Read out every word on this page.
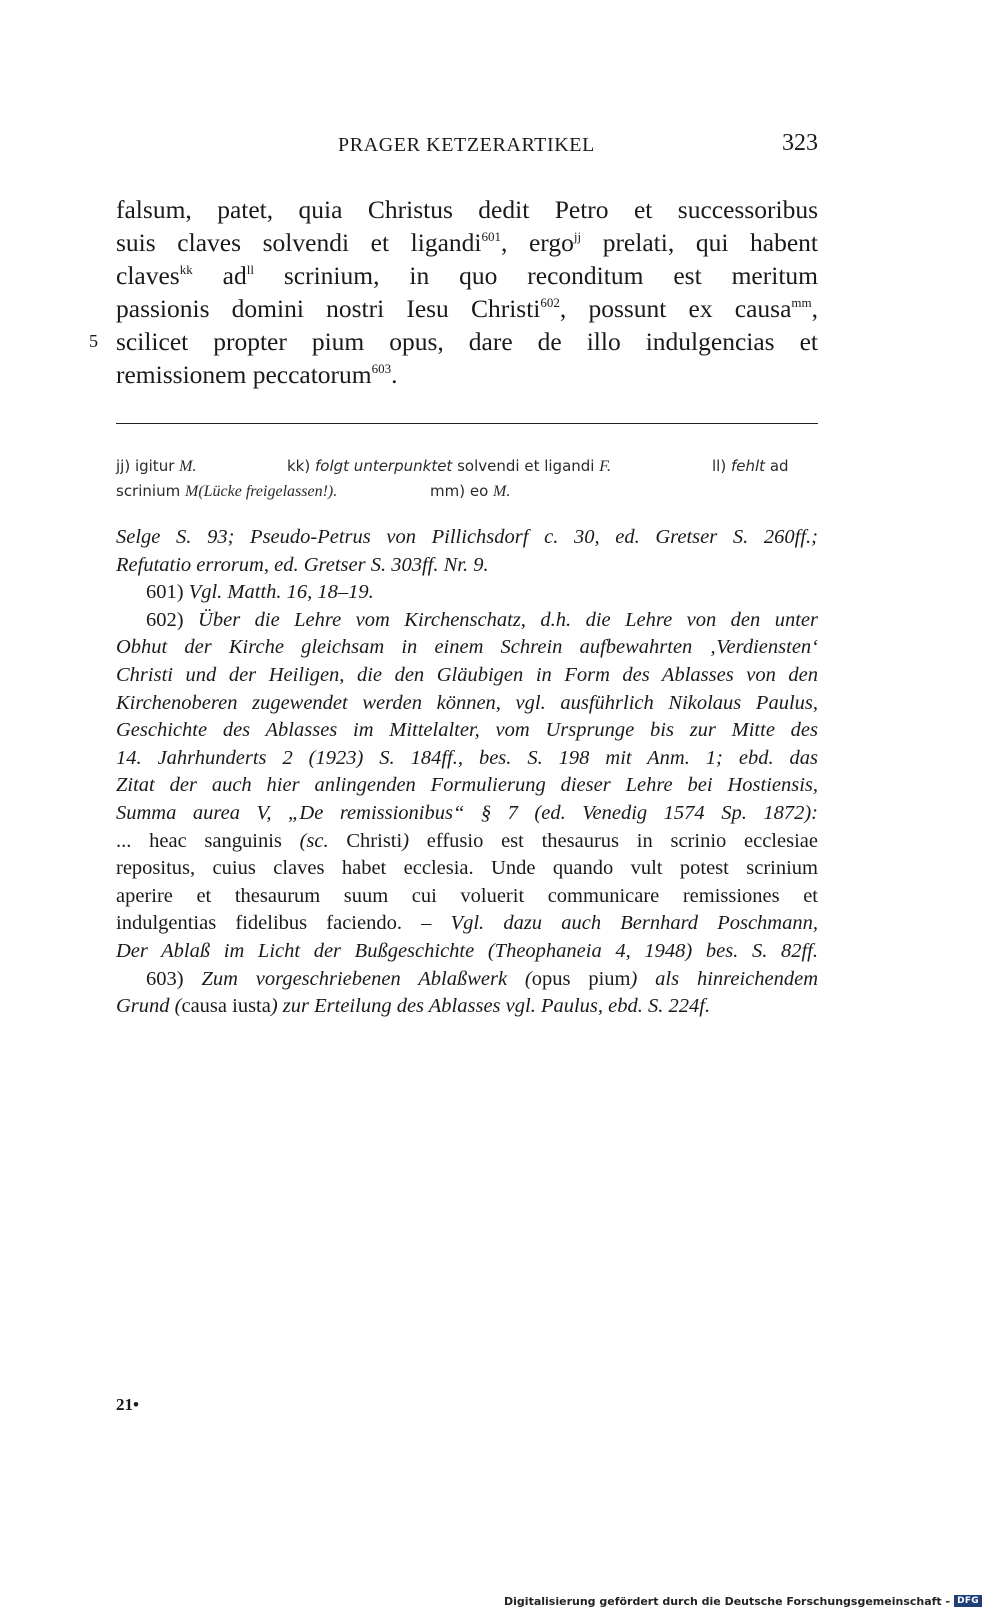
PRAGER KETZERARTIKEL	323
falsum, patet, quia Christus dedit Petro et successoribus
suis claves solvendi et ligandi$^{601}$, ergo$^{jj}$ prelati, qui habent
claves$^{kk}$ $ad^{ll}$ scrinium, in quo reconditum est meritum
passionis domini nostri Iesu Christi$^{602}$, possunt ex causa$^{mm}$,
5 scilicet propter pium opus, dare de illo indulgencias et
remissionem peccatorum$^{603}$.
jj) igitur M.	kk) folgt unterpunktet solvendi et ligandi F.	ll) fehlt ad
scrinium M(Lücke freigelassen!).	mm) eo M.
Selge S. 93; Pseudo-Petrus von Pillichsdorf c. 30, ed. Gretser S. 260ff.;
Refutatio errorum, ed. Gretser S. 303ff. Nr. 9.
601) Vgl. Matth. 16, 18–19.
602) Über die Lehre vom Kirchenschatz, d.h. die Lehre von den unter
Obhut der Kirche gleichsam in einem Schrein aufbewahrten ‚Verdiensten‘
Christi und der Heiligen, die den Gläubigen in Form des Ablasses von den
Kirchenoberen zugewendet werden können, vgl. ausführlich Nikolaus Paulus,
Geschichte des Ablasses im Mittelalter, vom Ursprunge bis zur Mitte des
14. Jahrhunderts 2 (1923) S. 184ff., bes. S. 198 mit Anm. 1; ebd. das
Zitat der auch hier anlingenden Formulierung dieser Lehre bei Hostiensis,
Summa aurea V, „De remissionibus“ § 7 (ed. Venedig 1574 Sp. 1872):
... heac sanguinis (sc. Christi) effusio est thesaurus in scrinio ecclesiae
repositus, cuius claves habet ecclesia. Unde quando vult potest scrinium
aperire et thesaurum suum cui voluerit communicare remissiones et
indulgentias fidelibus faciendo. – Vgl. dazu auch Bernhard Poschmann,
Der Ablaß im Licht der Bußgeschichte (Theophaneia 4, 1948) bes. S. 82ff.
603) Zum vorgeschriebenen Ablaßwerk (opus pium) als hinreichendem
Grund (causa iusta) zur Erteilung des Ablasses vgl. Paulus, ebd. S. 224f.
21•
Digitalisierung gefördert durch die Deutsche Forschungsgemeinschaft - DFG
